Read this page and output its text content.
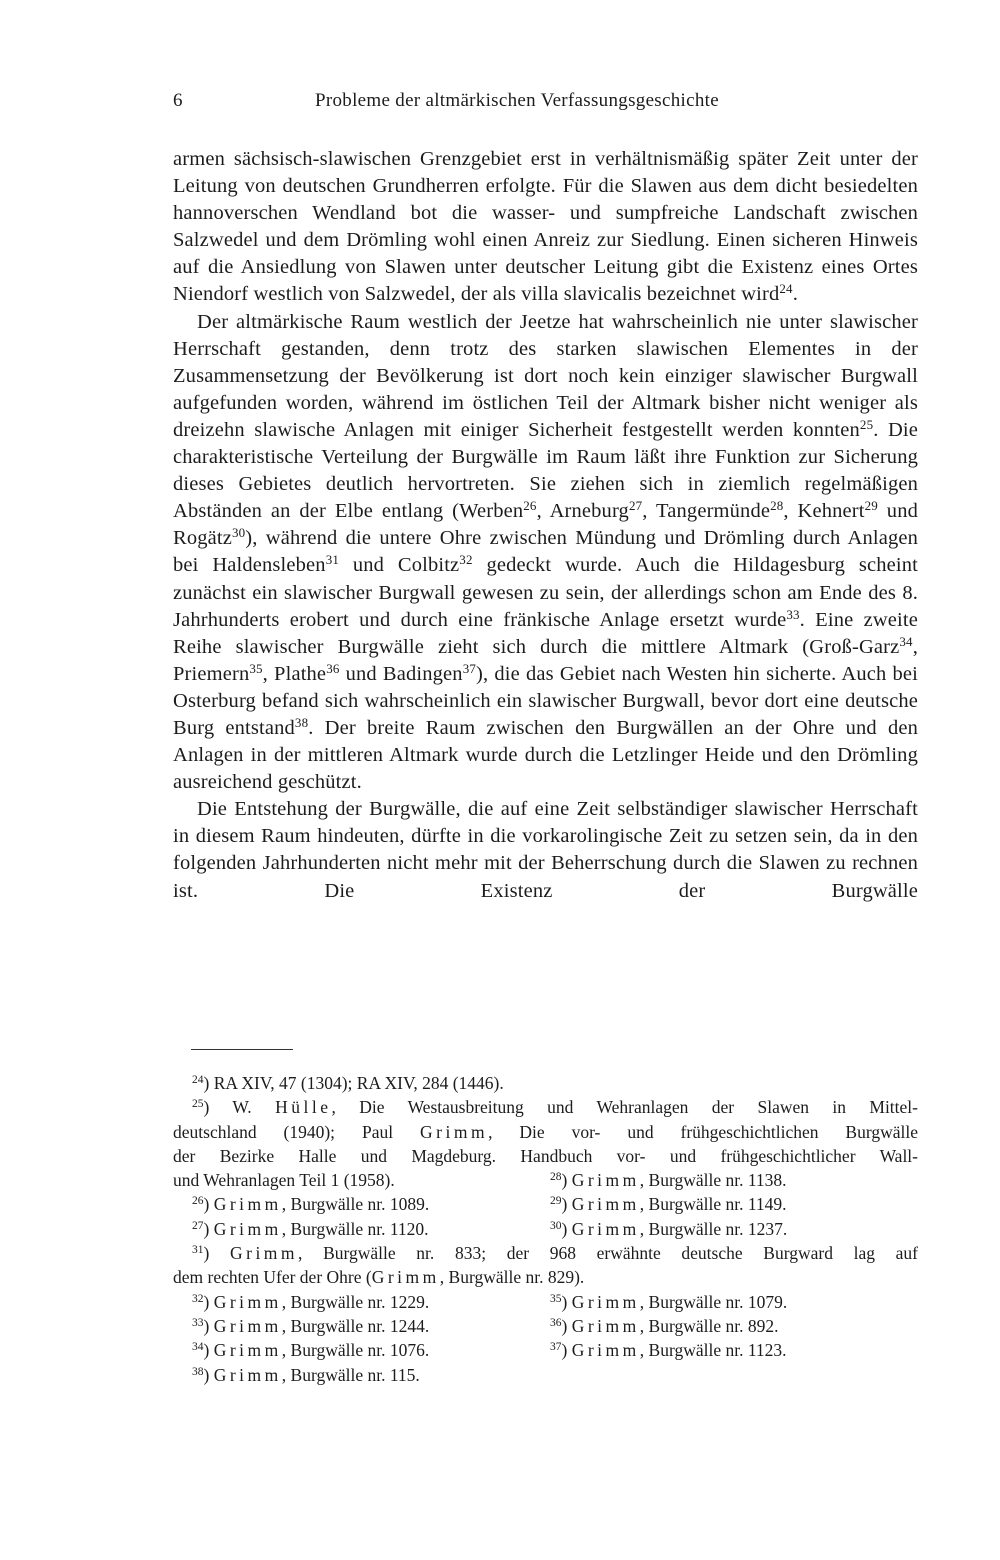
6	Probleme der altmärkischen Verfassungsgeschichte

armen sächsisch-slawischen Grenzgebiet erst in verhältnismäßig später Zeit unter der Leitung von deutschen Grundherren erfolgte. Für die Slawen aus dem dicht besiedelten hannoverschen Wendland bot die wasser- und sumpfreiche Landschaft zwischen Salzwedel und dem Drömling wohl einen Anreiz zur Siedlung. Einen sicheren Hinweis auf die Ansiedlung von Slawen unter deutscher Leitung gibt die Existenz eines Ortes Niendorf westlich von Salzwedel, der als villa slavicalis bezeichnet wird$^{24}$.

Der altmärkische Raum westlich der Jeetze hat wahrscheinlich nie unter slawischer Herrschaft gestanden, denn trotz des starken slawischen Elementes in der Zusammensetzung der Bevölkerung ist dort noch kein einziger slawischer Burgwall aufgefunden worden, während im östlichen Teil der Altmark bisher nicht weniger als dreizehn slawische Anlagen mit einiger Sicherheit festgestellt werden konnten$^{25}$. Die charakteristische Verteilung der Burgwälle im Raum läßt ihre Funktion zur Sicherung dieses Gebietes deutlich hervortreten. Sie ziehen sich in ziemlich regelmäßigen Abständen an der Elbe entlang (Werben$^{26}$, Arneburg$^{27}$, Tangermünde$^{28}$, Kehnert$^{29}$ und Rogätz$^{30}$), während die untere Ohre zwischen Mündung und Drömling durch Anlagen bei Haldensleben$^{31}$ und Colbitz$^{32}$ gedeckt wurde. Auch die Hildagesburg scheint zunächst ein slawischer Burgwall gewesen zu sein, der allerdings schon am Ende des 8. Jahrhunderts erobert und durch eine fränkische Anlage ersetzt wurde$^{33}$. Eine zweite Reihe slawischer Burgwälle zieht sich durch die mittlere Altmark (Groß-Garz$^{34}$, Priemern$^{35}$, Plathe$^{36}$ und Badingen$^{37}$), die das Gebiet nach Westen hin sicherte. Auch bei Osterburg befand sich wahrscheinlich ein slawischer Burgwall, bevor dort eine deutsche Burg entstand$^{38}$. Der breite Raum zwischen den Burgwällen an der Ohre und den Anlagen in der mittleren Altmark wurde durch die Letzlinger Heide und den Drömling ausreichend geschützt.

Die Entstehung der Burgwälle, die auf eine Zeit selbständiger slawischer Herrschaft in diesem Raum hindeuten, dürfte in die vorkarolingische Zeit zu setzen sein, da in den folgenden Jahrhunderten nicht mehr mit der Beherrschung durch die Slawen zu rechnen ist. Die Existenz der Burgwälle

$^{24}$) RA XIV, 47 (1304); RA XIV, 284 (1446).
$^{25}$) W. Hülle, Die Westausbreitung und Wehranlagen der Slawen in Mittel-
deutschland (1940); Paul Grimm, Die vor- und frühgeschichtlichen Burgwälle
der Bezirke Halle und Magdeburg. Handbuch vor- und frühgeschichtlicher Wall-
und Wehranlagen Teil 1 (1958).	$^{28}$) Grimm, Burgwälle nr. 1138.
$^{26}$) Grimm, Burgwälle nr. 1089.	$^{29}$) Grimm, Burgwälle nr. 1149.
$^{27}$) Grimm, Burgwälle nr. 1120.	$^{30}$) Grimm, Burgwälle nr. 1237.
$^{31}$) Grimm, Burgwälle nr. 833; der 968 erwähnte deutsche Burgward lag auf
dem rechten Ufer der Ohre (Grimm, Burgwälle nr. 829).
$^{32}$) Grimm, Burgwälle nr. 1229.	$^{35}$) Grimm, Burgwälle nr. 1079.
$^{33}$) Grimm, Burgwälle nr. 1244.	$^{36}$) Grimm, Burgwälle nr. 892.
$^{34}$) Grimm, Burgwälle nr. 1076.	$^{37}$) Grimm, Burgwälle nr. 1123.
$^{38}$) Grimm, Burgwälle nr. 115.
